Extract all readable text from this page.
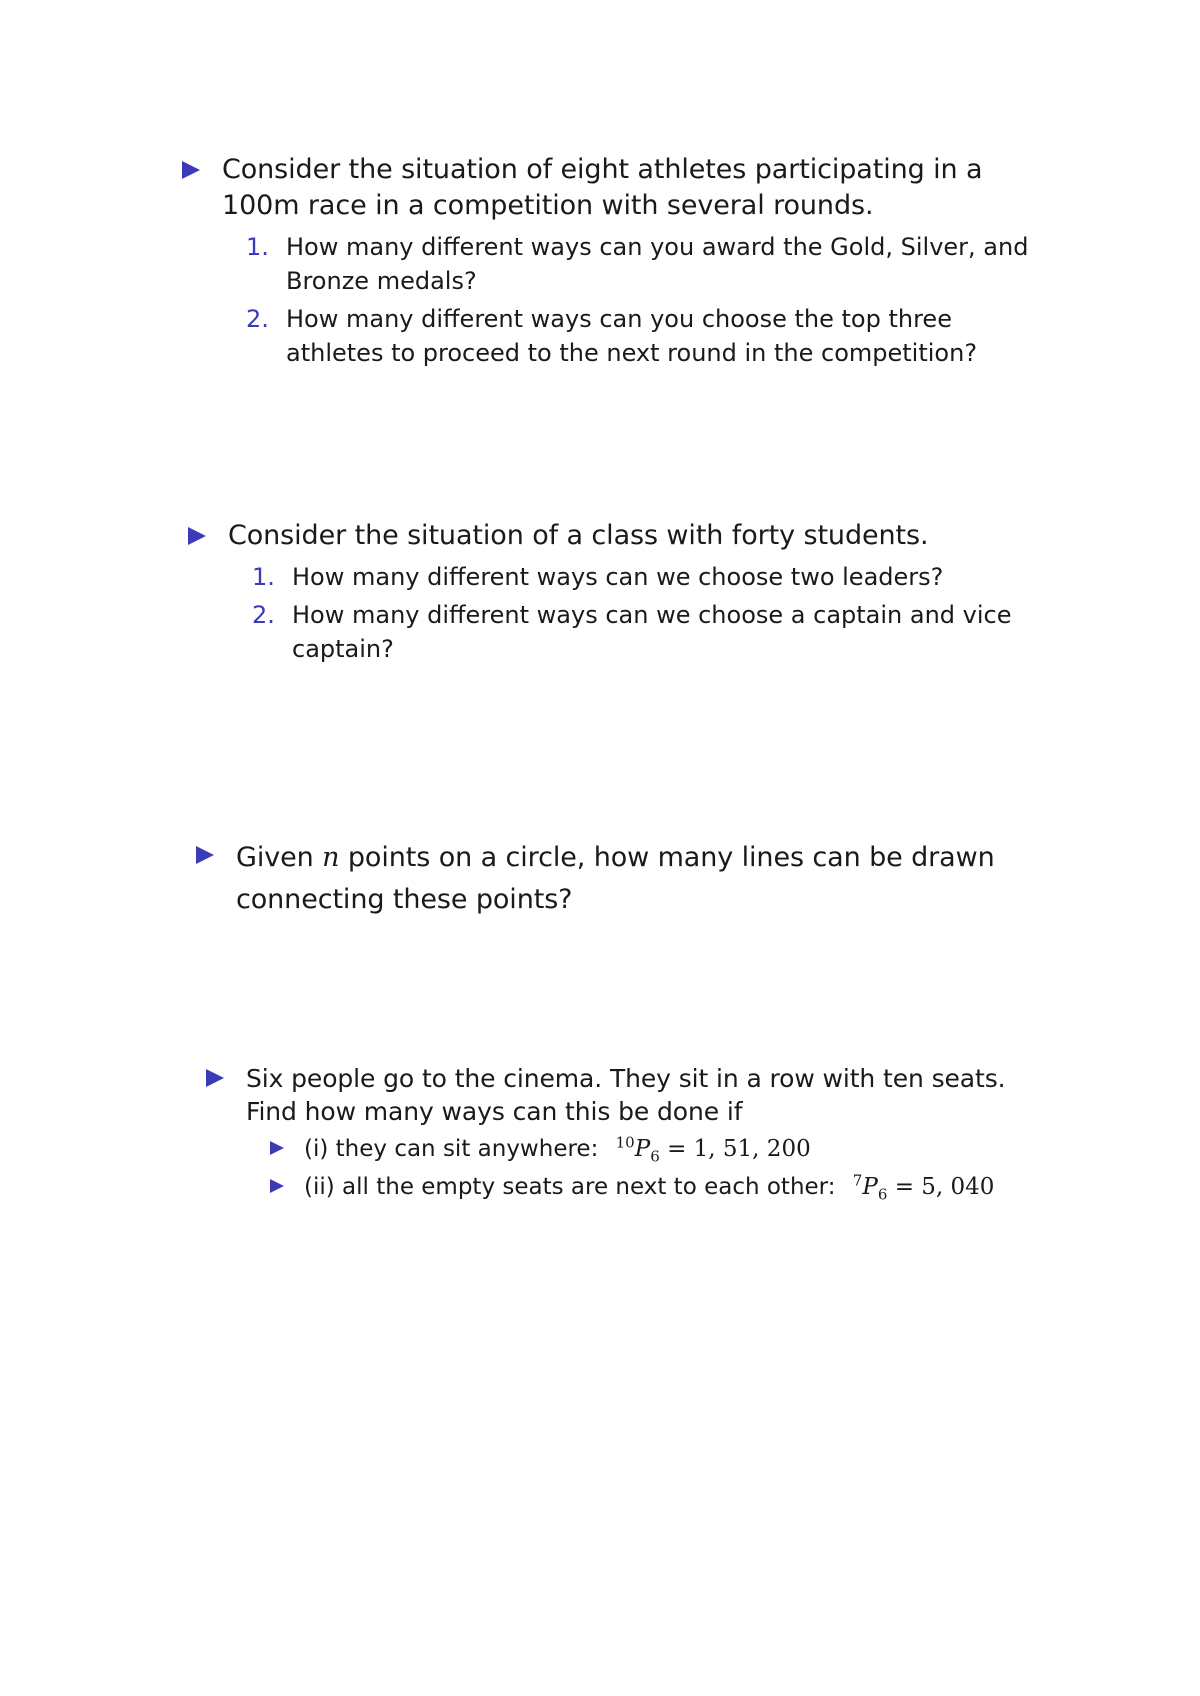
Consider the situation of eight athletes participating in a
100m race in a competition with several rounds.
1. How many different ways can you award the Gold, Silver, and
Bronze medals?
2. How many different ways can you choose the top three
athletes to proceed to the next round in the competition?
Consider the situation of a class with forty students.
1. How many different ways can we choose two leaders?
2. How many different ways can we choose a captain and vice
captain?
Given n points on a circle, how many lines can be drawn
connecting these points?
Six people go to the cinema. They sit in a row with ten seats.
Find how many ways can this be done if
(i) they can sit anywhere: $^{10}P_6 = 1$, 51, 200
(ii) all the empty seats are next to each other: $^7P_6 = 5$, 040
